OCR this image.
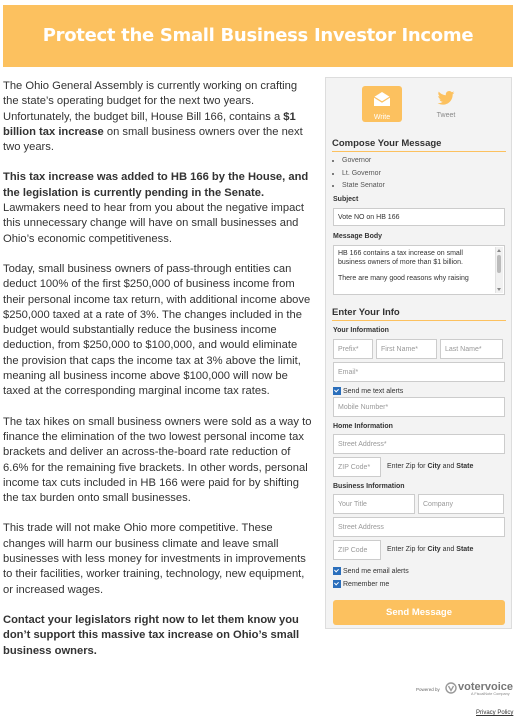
Protect the Small Business Investor Income Deduction

The Ohio General Assembly is currently working on crafting the state’s operating budget for the next two years. Unfortunately, the budget bill, House Bill 166, contains a $1 billion tax increase on small business owners over the next two years.

This tax increase was added to HB 166 by the House, and the legislation is currently pending in the Senate. Lawmakers need to hear from you about the negative impact this unnecessary change will have on small businesses and Ohio’s economic competitiveness.

Today, small business owners of pass-through entities can deduct 100% of the first $250,000 of business income from their personal income tax return, with additional income above $250,000 taxed at a rate of 3%. The changes included in the budget would substantially reduce the business income deduction, from $250,000 to $100,000, and would eliminate the provision that caps the income tax at 3% above the limit, meaning all business income above $100,000 will now be taxed at the corresponding marginal income tax rates.

The tax hikes on small business owners were sold as a way to finance the elimination of the two lowest personal income tax brackets and deliver an across-the-board rate reduction of 6.6% for the remaining five brackets. In other words, personal income tax cuts included in HB 166 were paid for by shifting the tax burden onto small businesses.

This trade will not make Ohio more competitive. These changes will harm our business climate and leave small businesses with less money for investments in improvements to their facilities, worker training, technology, new equipment, or increased wages.

Contact your legislators right now to let them know you don’t support this massive tax increase on Ohio’s small business owners.

Write	Tweet
Compose Your Message
• Governor
• Lt. Governor
• State Senator
Subject
Vote NO on HB 166
Message Body
HB 166 contains a tax increase on small business owners of more than $1 billion.
There are many good reasons why raising
Enter Your Info
Your Information
Prefix *	First Name *	Last Name *
Email *
Send me text alerts
Mobile Number *
Home Information
Street Address *
ZIP Code * Enter Zip for City and State
Business Information
Your Title	Company
Street Address
ZIP Code	Enter Zip for City and State
Send me email alerts
Remember me
Send Message
Powered by votervoice
A FiscalNote Company
Privacy Policy
